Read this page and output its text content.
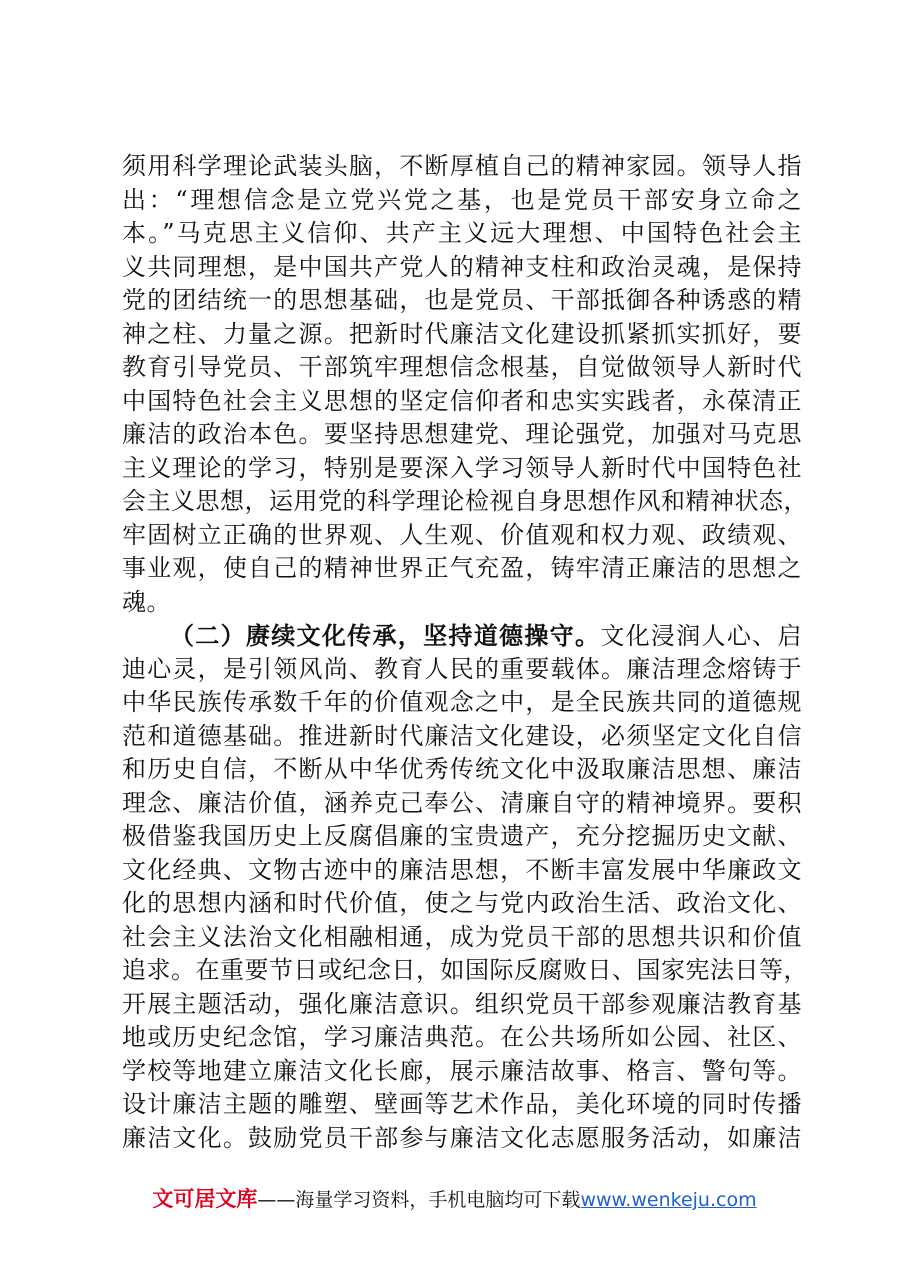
须用科学理论武装头脑，不断厚植自己的精神家园。领导人指
出：“理想信念是立党兴党之基，也是党员干部安身立命之
本。”马克思主义信仰、共产主义远大理想、中国特色社会主
义共同理想，是中国共产党人的精神支柱和政治灵魂，是保持
党的团结统一的思想基础，也是党员、干部抵御各种诱惑的精
神之柱、力量之源。把新时代廉洁文化建设抓紧抓实抓好，要
教育引导党员、干部筑牢理想信念根基，自觉做领导人新时代
中国特色社会主义思想的坚定信仰者和忠实实践者，永葆清正
廉洁的政治本色。要坚持思想建党、理论强党，加强对马克思
主义理论的学习，特别是要深入学习领导人新时代中国特色社
会主义思想，运用党的科学理论检视自身思想作风和精神状态，
牢固树立正确的世界观、人生观、价值观和权力观、政绩观、
事业观，使自己的精神世界正气充盈，铸牢清正廉洁的思想之
魂。
（二）赓续文化传承，坚持道德操守。文化浸润人心、启
迪心灵，是引领风尚、教育人民的重要载体。廉洁理念熔铸于
中华民族传承数千年的价值观念之中，是全民族共同的道德规
范和道德基础。推进新时代廉洁文化建设，必须坚定文化自信
和历史自信，不断从中华优秀传统文化中汲取廉洁思想、廉洁
理念、廉洁价值，涵养克己奉公、清廉自守的精神境界。要积
极借鉴我国历史上反腐倡廉的宝贵遗产，充分挖掘历史文献、
文化经典、文物古迹中的廉洁思想，不断丰富发展中华廉政文
化的思想内涵和时代价值，使之与党内政治生活、政治文化、
社会主义法治文化相融相通，成为党员干部的思想共识和价值
追求。在重要节日或纪念日，如国际反腐败日、国家宪法日等，
开展主题活动，强化廉洁意识。组织党员干部参观廉洁教育基
地或历史纪念馆，学习廉洁典范。在公共场所如公园、社区、
学校等地建立廉洁文化长廊，展示廉洁故事、格言、警句等。
设计廉洁主题的雕塑、壁画等艺术作品，美化环境的同时传播
廉洁文化。鼓励党员干部参与廉洁文化志愿服务活动，如廉洁
文可居文库——海量学习资料，手机电脑均可下载www.wenkeju.com
